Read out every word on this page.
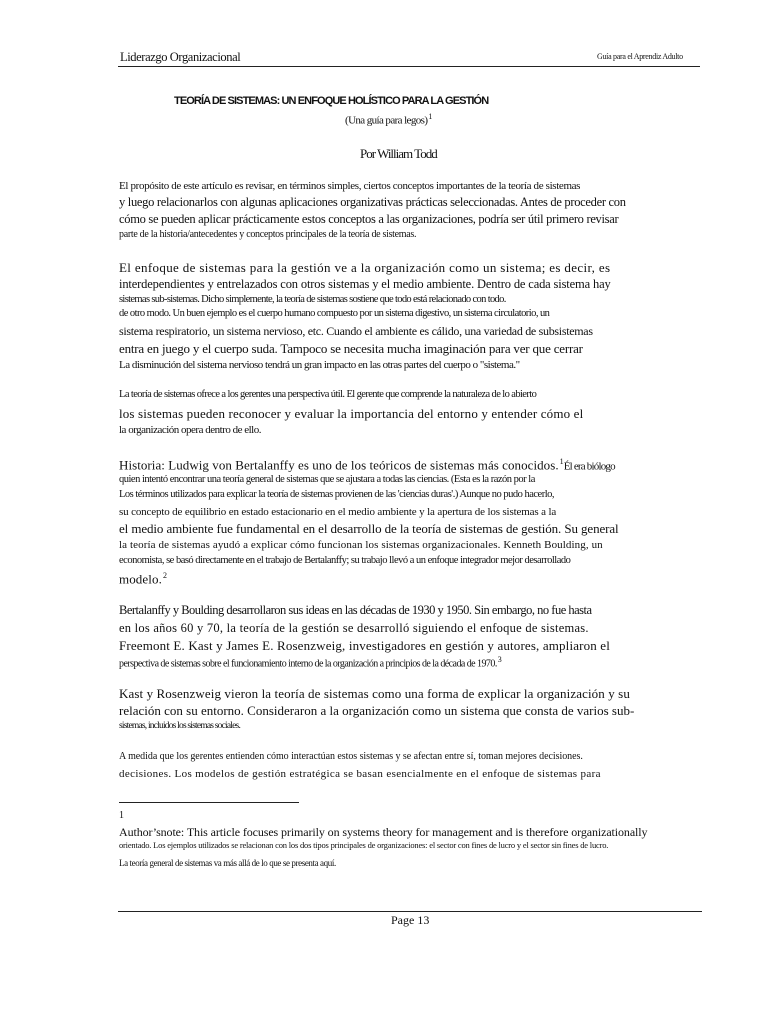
Liderazgo Organizacional	Guía para el Aprendiz Adulto
TEORÍA DE SISTEMAS: UN ENFOQUE HOLÍSTICO PARA LA GESTIÓN
(Una guía para legos)$^1$
Por William Todd
El propósito de este artículo es revisar, en términos simples, ciertos conceptos importantes de la teoría de sistemas
y luego relacionarlos con algunas aplicaciones organizativas prácticas seleccionadas. Antes de proceder con
cómo se pueden aplicar prácticamente estos conceptos a las organizaciones, podría ser útil primero revisar
parte de la historia/antecedentes y conceptos principales de la teoría de sistemas.
El enfoque de sistemas para la gestión ve a la organización como un sistema; es decir, es
interdependientes y entrelazados con otros sistemas y el medio ambiente. Dentro de cada sistema hay
sistemas sub-sistemas. Dicho simplemente, la teoría de sistemas sostiene que todo está relacionado con todo.
de otro modo. Un buen ejemplo es el cuerpo humano compuesto por un sistema digestivo, un sistema circulatorio, un
sistema respiratorio, un sistema nervioso, etc. Cuando el ambiente es cálido, una variedad de subsistemas
entra en juego y el cuerpo suda. Tampoco se necesita mucha imaginación para ver que cerrar
La disminución del sistema nervioso tendrá un gran impacto en las otras partes del cuerpo o "sistema."
La teoría de sistemas ofrece a los gerentes una perspectiva útil. El gerente que comprende la naturaleza de lo abierto
los sistemas pueden reconocer y evaluar la importancia del entorno y entender cómo el
la organización opera dentro de ello.
Historia: Ludwig von Bertalanffy es uno de los teóricos de sistemas más conocidos.$^1$Él era biólogo
quien intentó encontrar una teoría general de sistemas que se ajustara a todas las ciencias. (Esta es la razón por la
Los términos utilizados para explicar la teoría de sistemas provienen de las 'ciencias duras'.) Aunque no pudo hacerlo,
su concepto de equilibrio en estado estacionario en el medio ambiente y la apertura de los sistemas a la
el medio ambiente fue fundamental en el desarrollo de la teoría de sistemas de gestión. Su general
la teoría de sistemas ayudó a explicar cómo funcionan los sistemas organizacionales. Kenneth Boulding, un
economista, se basó directamente en el trabajo de Bertalanffy; su trabajo llevó a un enfoque integrador mejor desarrollado
modelo.$^2$
Bertalanffy y Boulding desarrollaron sus ideas en las décadas de 1930 y 1950. Sin embargo, no fue hasta
en los años 60 y 70, la teoría de la gestión se desarrolló siguiendo el enfoque de sistemas.
Freemont E. Kast y James E. Rosenzweig, investigadores en gestión y autores, ampliaron el
perspectiva de sistemas sobre el funcionamiento interno de la organización a principios de la década de 1970.$^3$
Kast y Rosenzweig vieron la teoría de sistemas como una forma de explicar la organización y su
relación con su entorno. Consideraron a la organización como un sistema que consta de varios sub-
sistemas, incluidos los sistemas sociales.
A medida que los gerentes entienden cómo interactúan estos sistemas y se afectan entre sí, toman mejores decisiones.
decisiones. Los modelos de gestión estratégica se basan esencialmente en el enfoque de sistemas para
1
Author’snote: This article focuses primarily on systems theory for management and is therefore organizationally
orientado. Los ejemplos utilizados se relacionan con los dos tipos principales de organizaciones: el sector con fines de lucro y el sector sin fines de lucro.
La teoría general de sistemas va más allá de lo que se presenta aquí.
Page 13
